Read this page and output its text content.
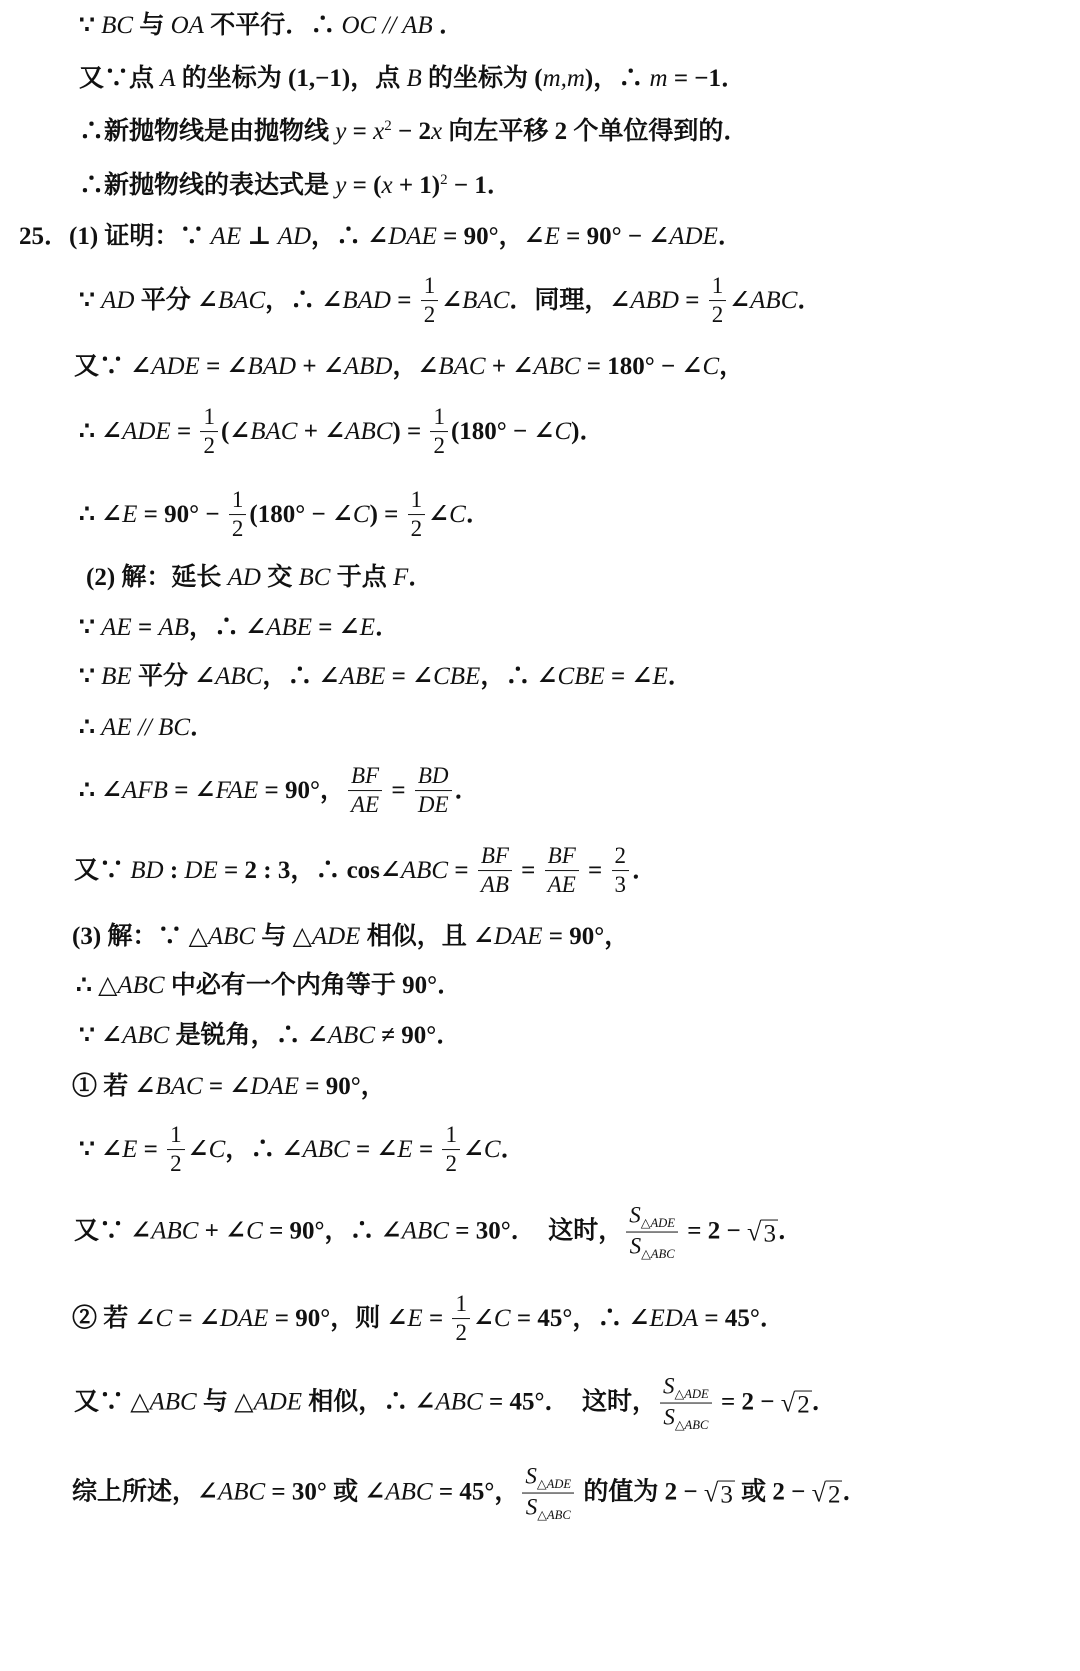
∵ BC 与 OA 不平行．∴ OC // AB ．
又∵点 A 的坐标为 (1,−1)，点 B 的坐标为 ( m,m )，∴ m = −1．
∴新抛物线是由抛物线 y = x 2 − 2 x 向左平移 2 个单位得到的．
∴新抛物线的表达式是 y = ( x + 1) 2 − 1．
25． (1) 证明：∵ AE ⊥ AD ，∴ ∠ DAE = 90°，∠ E = 90° − ∠ ADE ．
∵ AD 平分 ∠ BAC ，∴ ∠ BAD = $\frac{1}{2}$ ∠ BAC ．同理，∠ ABD = $\frac{1}{2}$ ∠ ABC ．
又∵ ∠ ADE = ∠ BAD + ∠ ABD ，∠ BAC + ∠ ABC = 180° − ∠ C ，
∴ ∠ ADE = $\frac{1}{2}$ (∠ BAC + ∠ ABC ) = $\frac{1}{2} (180^\circ$ − ∠ C )．
∴ ∠ $E = 90^\circ - \frac{1}{2} (180^\circ$ − ∠ C ) = $\frac{1}{2}$ ∠ C ．
(2) 解：延长 AD 交 BC 于点 F ．
∵ AE = AB ，∴ ∠ ABE = ∠ E ．
∵ BE 平分 ∠ ABC ，∴ ∠ ABE = ∠ CBE ，∴ ∠ CBE = ∠ E ．
∴ AE // BC ．
∴ ∠ AFB = ∠ FAE = 90°， $\frac{BF}{AE} = \frac{BD}{DE}$ ．
又∵ BD : DE = 2 : 3，∴ cos∠ ABC = $\frac{BF}{AB} = \frac{BF}{AE} = \frac{2}{3}$ ．
(3) 解：∵ △ ABC 与 △ ADE 相似，且 ∠ DAE = 90°，
∴ △ ABC 中必有一个内角等于 90°．
∵ ∠ ABC 是锐角，∴ ∠ ABC ≠ 90°．
① 若 ∠ BAC = ∠ DAE = 90°，
∵ ∠ $E = \frac{1}{2}$ ∠ C ，∴ ∠ ABC = ∠ $E = \frac{1}{2}$ ∠ C ．
又∵ ∠ ABC + ∠ C = 90°，∴ ∠ ABC = 30°．  这时， $\frac{S_{\triangle ADE}}{S_{\triangle ABC}} = 2$ − √ 3 ．
② 若 ∠ C = ∠ DAE = 90°，则 ∠ $E = \frac{1}{2}$ ∠ C = 45°，∴ ∠ EDA = 45°．
又∵ △ ABC 与 △ ADE 相似，∴ ∠ ABC = 45°．  这时， $\frac{S_{\triangle ADE}}{S_{\triangle ABC}} = 2$ − √ 2 ．
综上所述，∠ ABC = 30° 或 ∠ ABC = 45°， $\frac{S_{\triangle ADE}}{S_{\triangle ABC}}$ 的值为 2 − √ 3 或 2 − √ 2 ．
